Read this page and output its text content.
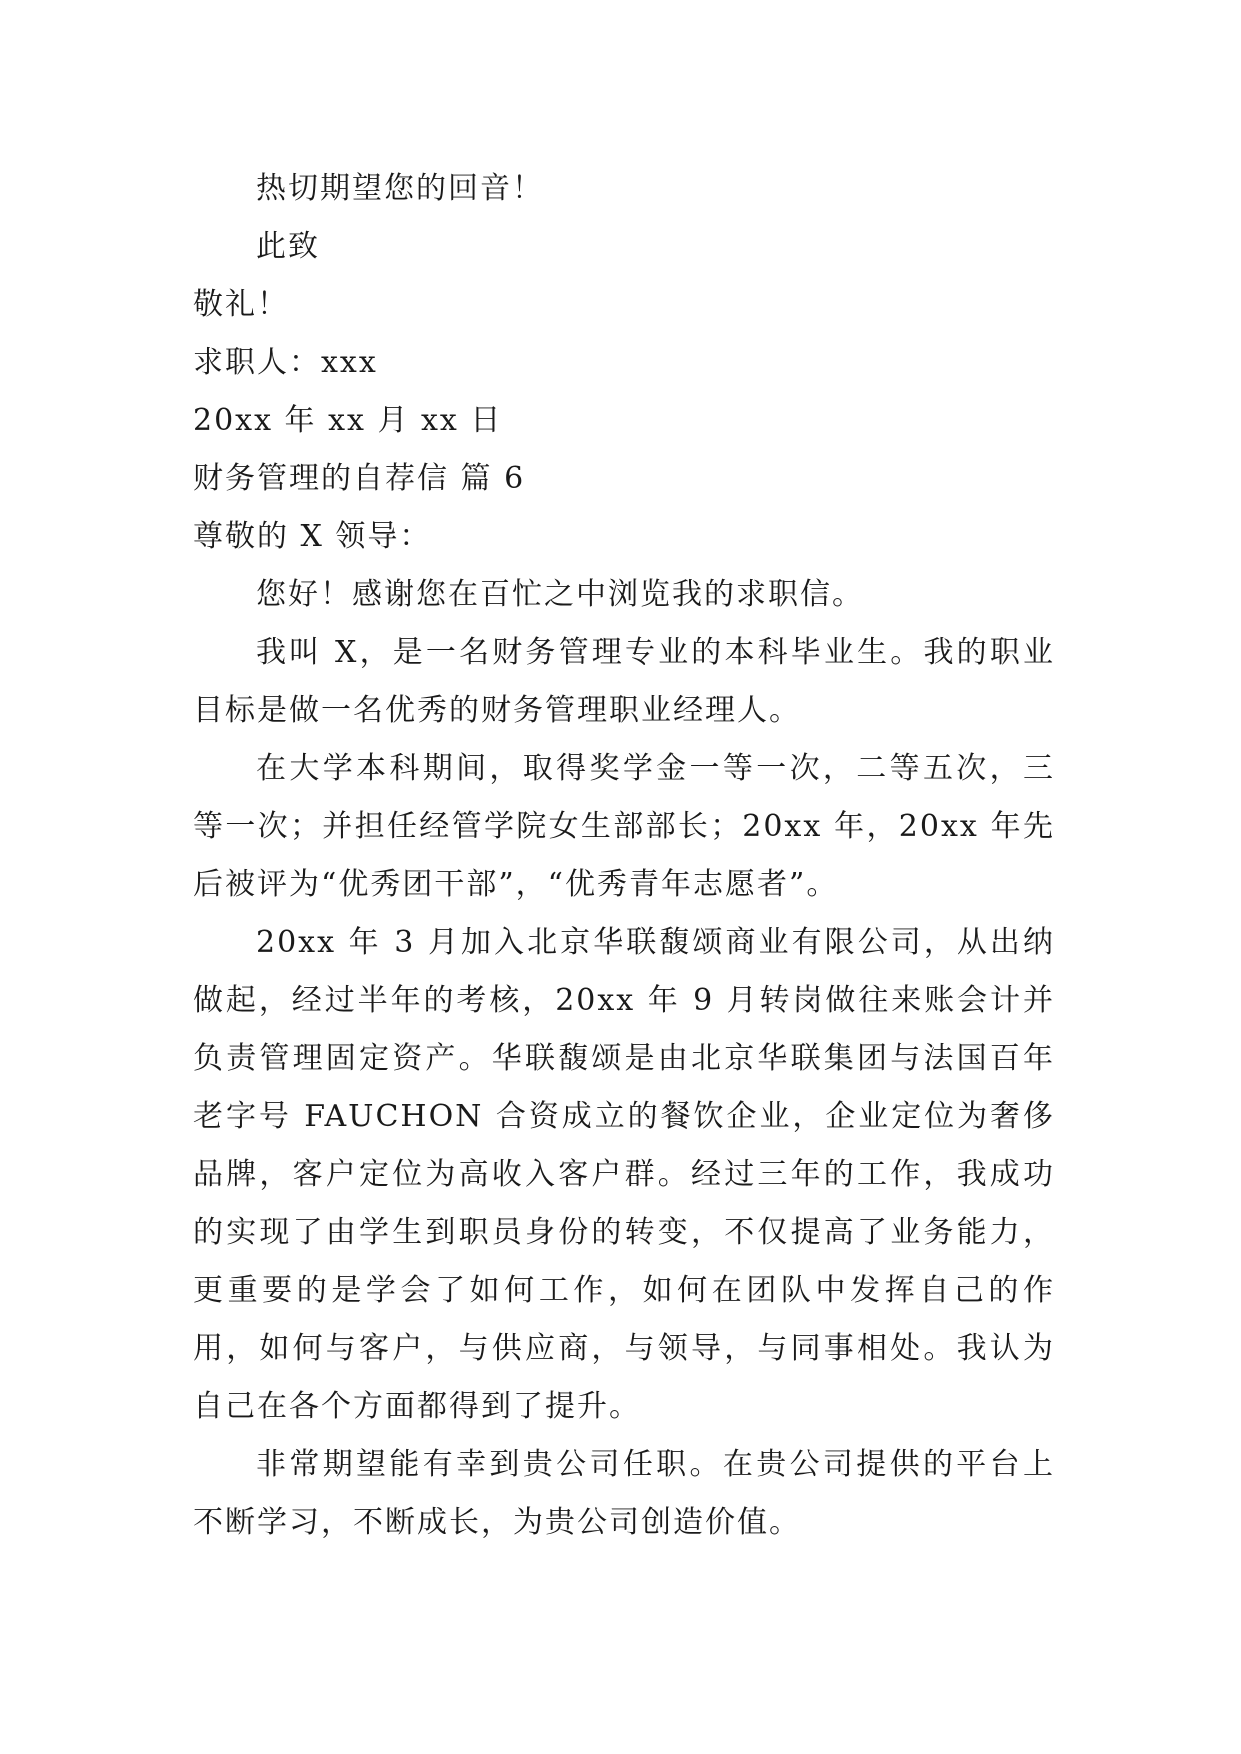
热切期望您的回音！

此致

敬礼！

求职人：xxx

20xx 年 xx 月 xx 日

财务管理的自荐信 篇 6

尊敬的 X 领导：

您好！感谢您在百忙之中浏览我的求职信。

我叫 X，是一名财务管理专业的本科毕业生。我的职业目标是做一名优秀的财务管理职业经理人。

在大学本科期间，取得奖学金一等一次，二等五次，三等一次；并担任经管学院女生部部长；20xx 年，20xx 年先后被评为“优秀团干部”，“优秀青年志愿者”。

20xx 年 3 月加入北京华联馥颂商业有限公司，从出纳做起，经过半年的考核，20xx 年 9 月转岗做往来账会计并负责管理固定资产。华联馥颂是由北京华联集团与法国百年老字号 FAUCHON 合资成立的餐饮企业，企业定位为奢侈品牌，客户定位为高收入客户群。经过三年的工作，我成功的实现了由学生到职员身份的转变，不仅提高了业务能力，更重要的是学会了如何工作，如何在团队中发挥自己的作用，如何与客户，与供应商，与领导，与同事相处。我认为自己在各个方面都得到了提升。

非常期望能有幸到贵公司任职。在贵公司提供的平台上不断学习，不断成长，为贵公司创造价值。
